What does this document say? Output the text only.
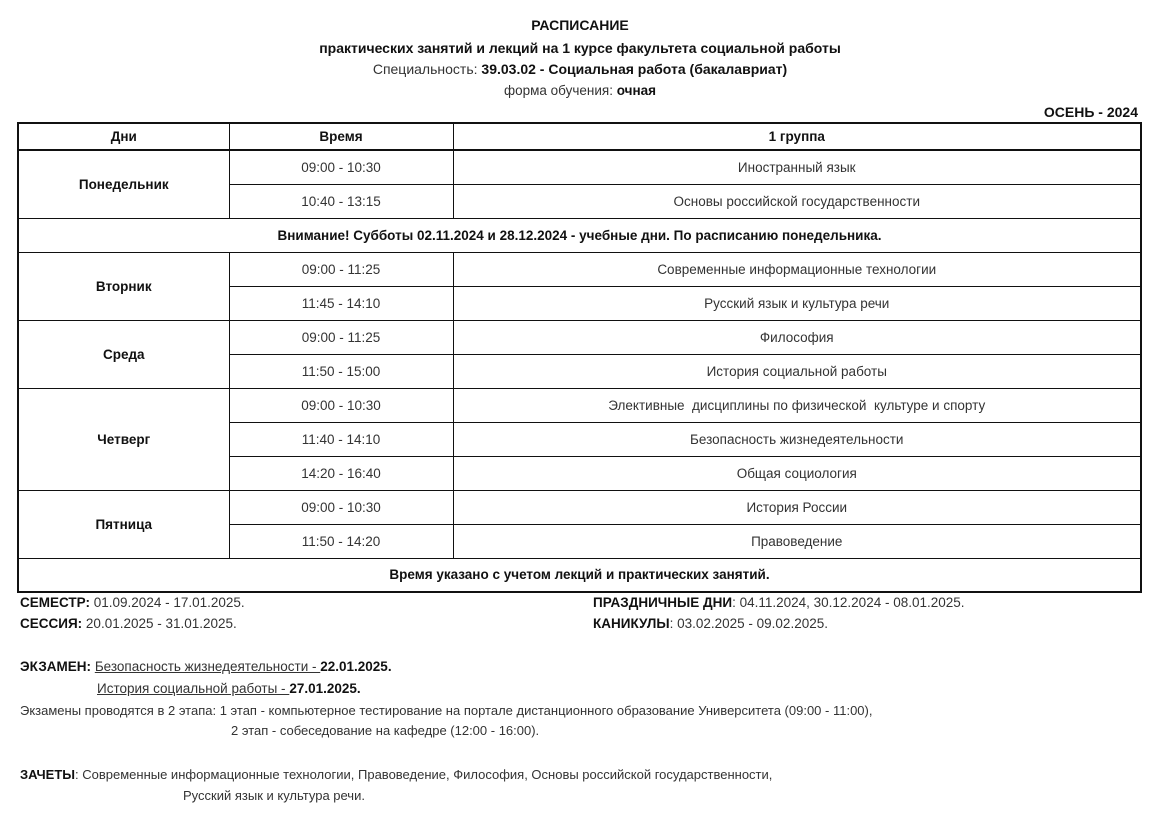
РАСПИСАНИЕ
практических занятий и лекций на 1 курсе факультета социальной работы
Специальность: 39.03.02 - Социальная работа (бакалавриат)
форма обучения: очная
ОСЕНЬ - 2024
Дни	Время	1 группа
Понедельник	09:00 - 10:30	Иностранный язык
	10:40 - 13:15	Основы российской государственности
Внимание! Субботы 02.11.2024 и 28.12.2024 - учебные дни. По расписанию понедельника.		
Вторник	09:00 - 11:25	Современные информационные технологии
	11:45 - 14:10	Русский язык и культура речи
Среда	09:00 - 11:25	Философия
	11:50 - 15:00	История социальной работы
Четверг	09:00 - 10:30	Элективные  дисциплины по физической  культуре и спорту
	11:40 - 14:10	Безопасность жизнедеятельности
	14:20 - 16:40	Общая социология
Пятница	09:00 - 10:30	История России
	11:50 - 14:20	Правоведение
Время указано с учетом лекций и практических занятий.		
СЕМЕСТР: 01.09.2024 - 17.01.2025.
СЕССИЯ: 20.01.2025 - 31.01.2025.
ПРАЗДНИЧНЫЕ ДНИ: 04.11.2024, 30.12.2024 - 08.01.2025.
КАНИКУЛЫ: 03.02.2025 - 09.02.2025.
ЭКЗАМЕН: Безопасность жизнедеятельности - 22.01.2025.
История социальной работы - 27.01.2025.
Экзамены проводятся в 2 этапа: 1 этап - компьютерное тестирование на портале дистанционного образование Университета (09:00 - 11:00),
2 этап - собеседование на кафедре (12:00 - 16:00).
ЗАЧЕТЫ: Современные информационные технологии, Правоведение, Философия, Основы российской государственности,
Русский язык и культура речи.
